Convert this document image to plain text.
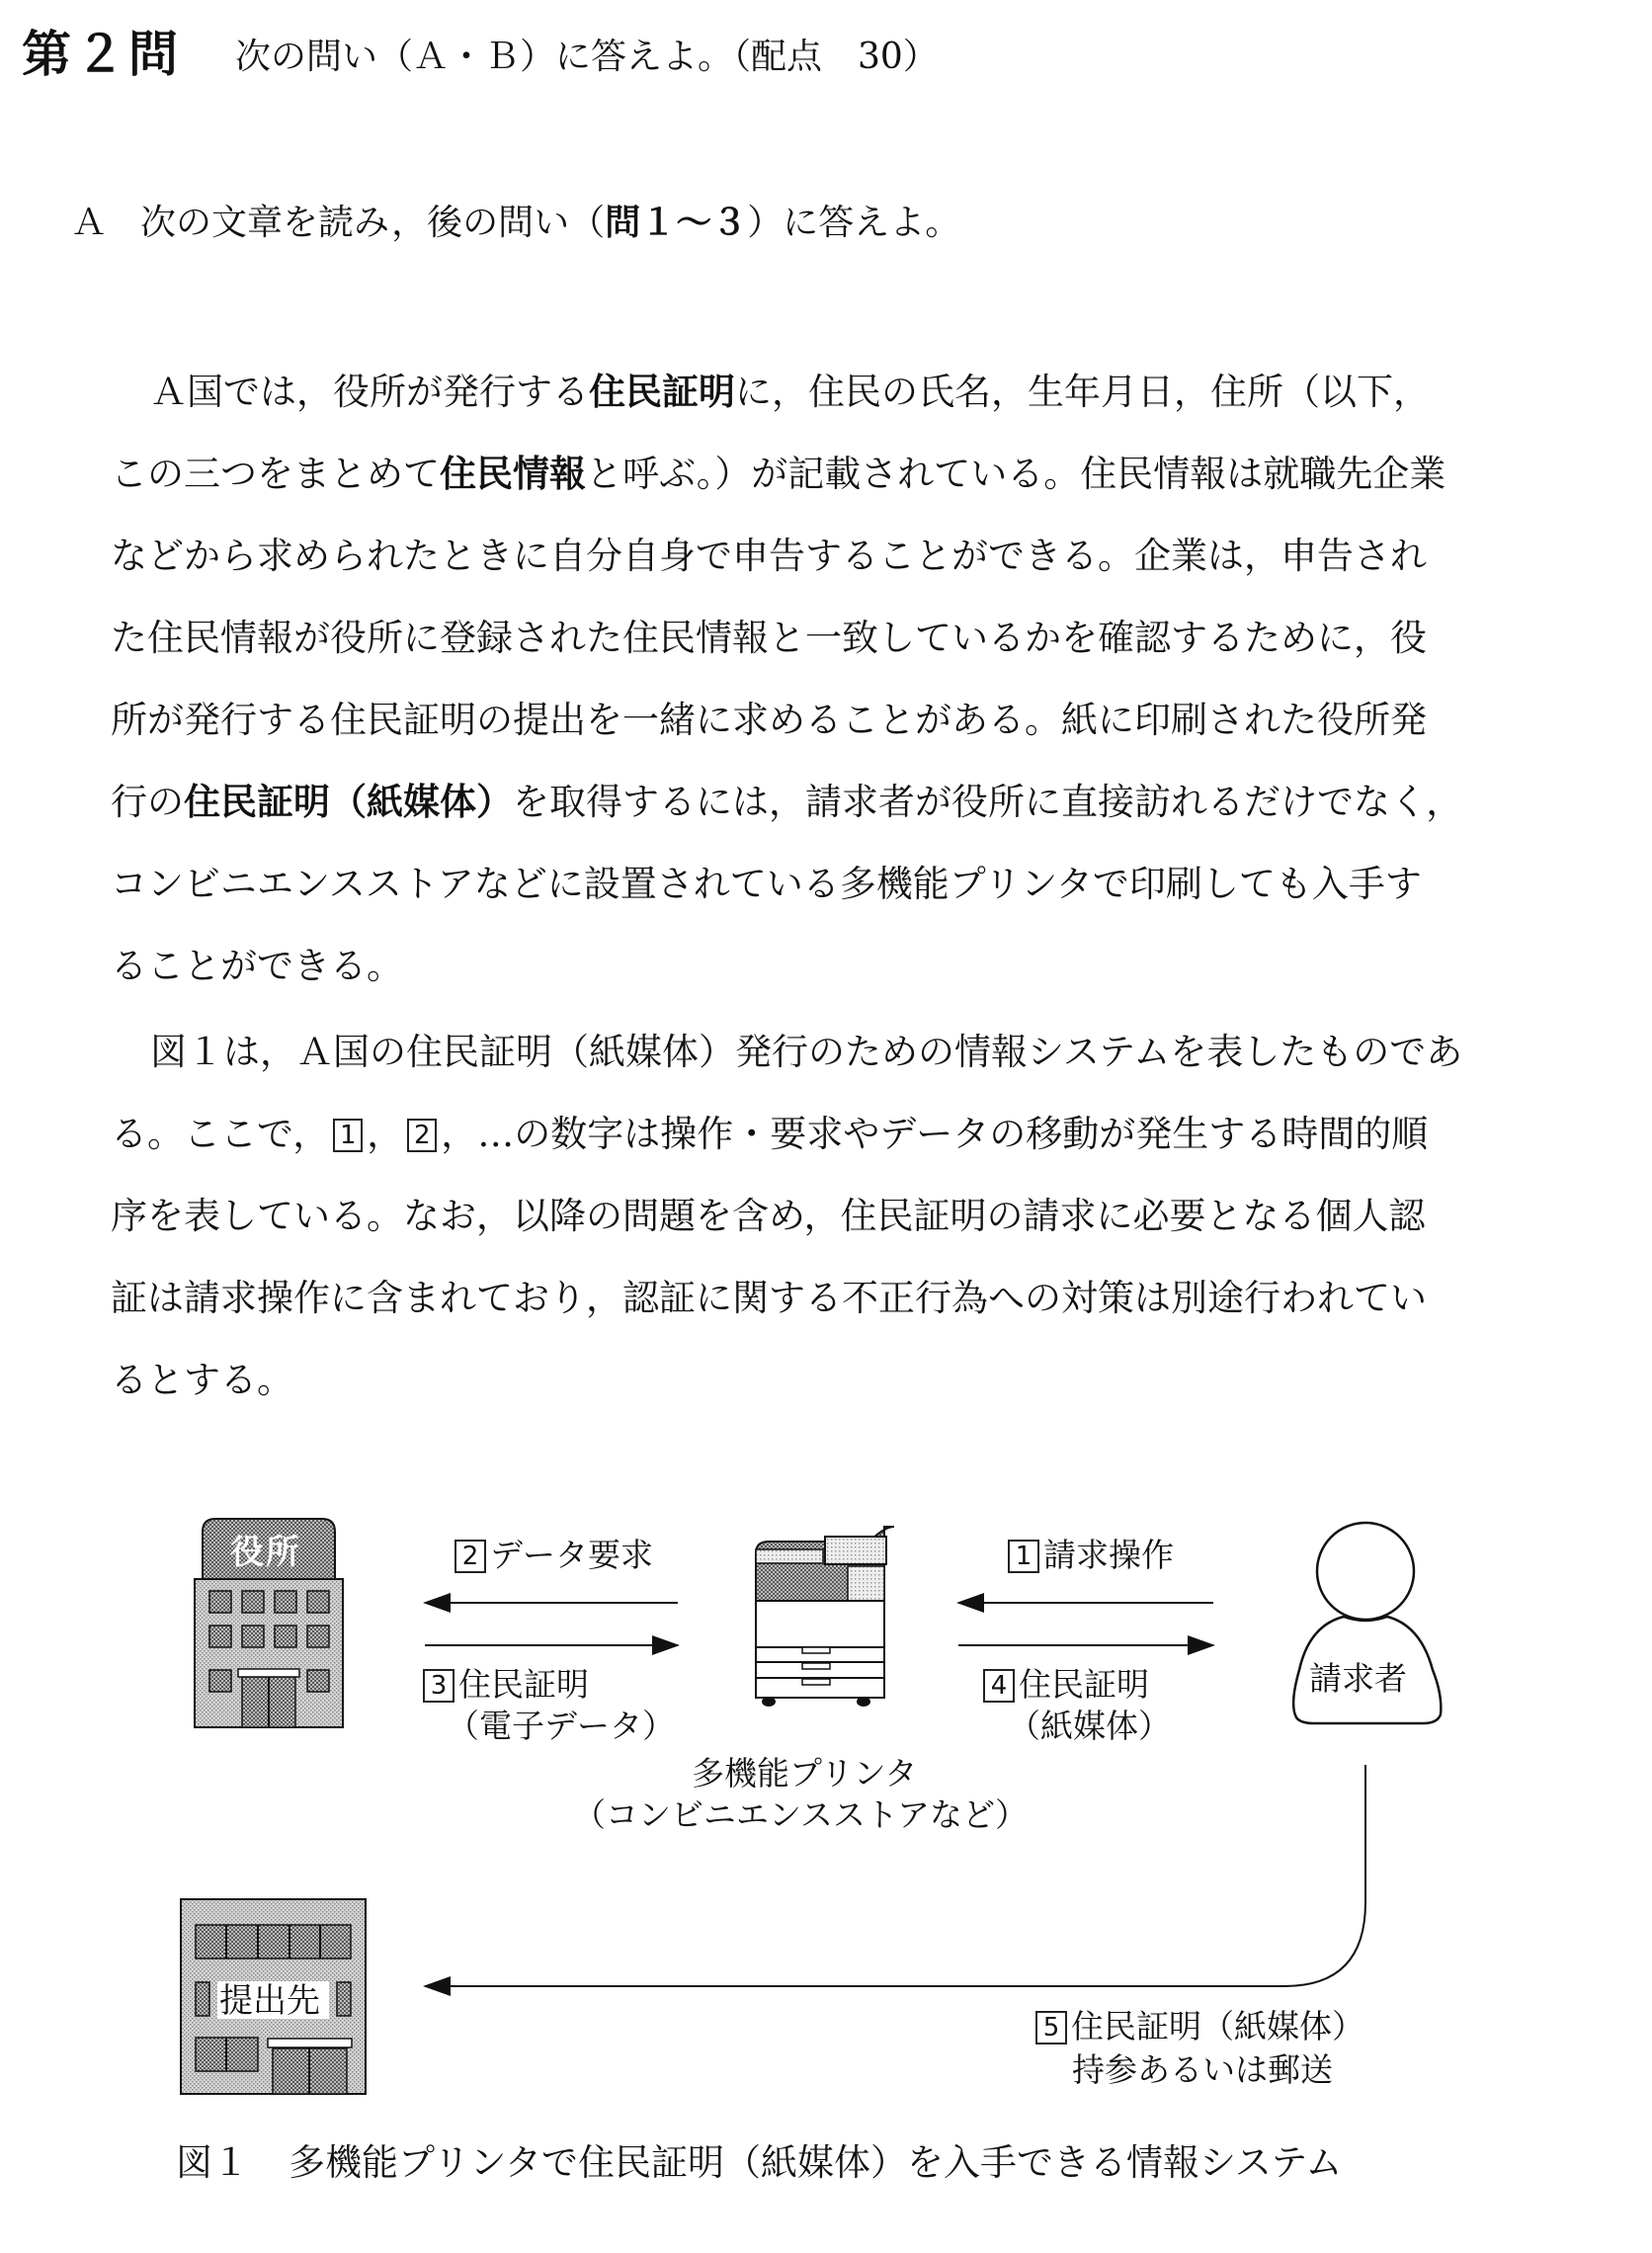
第２問 次の問い（Ａ・Ｂ）に答えよ。（配点　30）
Ａ 次の文章を読み，後の問い（問１～３）に答えよ。
Ａ国では，役所が発行する住民証明に，住民の氏名，生年月日，住所（以下，
この三つをまとめて住民情報と呼ぶ。）が記載されている。住民情報は就職先企業
などから求められたときに自分自身で申告することができる。企業は，申告され
た住民情報が役所に登録された住民情報と一致しているかを確認するために，役
所が発行する住民証明の提出を一緒に求めることがある。紙に印刷された役所発
行の住民証明（紙媒体）を取得するには，請求者が役所に直接訪れるだけでなく，
コンビニエンスストアなどに設置されている多機能プリンタで印刷しても入手す
ることができる。
図１は，Ａ国の住民証明（紙媒体）発行のための情報システムを表したものであ
る。ここで， 1 ， 2 ，…の数字は操作・要求やデータの移動が発生する時間的順
序を表している。なお，以降の問題を含め，住民証明の請求に必要となる個人認
証は請求操作に含まれており，認証に関する不正行為への対策は別途行われてい
るとする。
役所	2 データ要求
3 住民証明
（電子データ）
1 請求操作
4 住民証明
（紙媒体）
請求者
多機能プリンタ
（コンビニエンスストアなど）
提出先
5 住民証明（紙媒体）
持参あるいは郵送
図１ 多機能プリンタで住民証明（紙媒体）を入手できる情報システム
